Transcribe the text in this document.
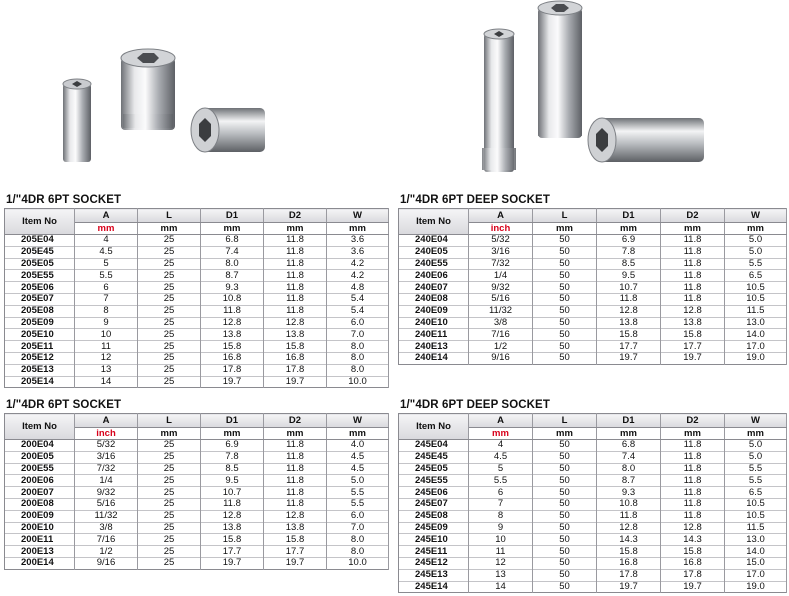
1/"4DR 6PT SOCKET
Item No	A	L	D1	D2	W
	mm	mm	mm	mm	mm
205E04	4	25	6.8	11.8	3.6
205E45	4.5	25	7.4	11.8	3.6
205E05	5	25	8.0	11.8	4.2
205E55	5.5	25	8.7	11.8	4.2
205E06	6	25	9.3	11.8	4.8
205E07	7	25	10.8	11.8	5.4
205E08	8	25	11.8	11.8	5.4
205E09	9	25	12.8	12.8	6.0
205E10	10	25	13.8	13.8	7.0
205E11	11	25	15.8	15.8	8.0
205E12	12	25	16.8	16.8	8.0
205E13	13	25	17.8	17.8	8.0
205E14	14	25	19.7	19.7	10.0
1/"4DR 6PT DEEP SOCKET
Item No	A	L	D1	D2	W
	inch	mm	mm	mm	mm
240E04	5/32	50	6.9	11.8	5.0
240E05	3/16	50	7.8	11.8	5.0
240E55	7/32	50	8.5	11.8	5.5
240E06	1/4	50	9.5	11.8	6.5
240E07	9/32	50	10.7	11.8	10.5
240E08	5/16	50	11.8	11.8	10.5
240E09	11/32	50	12.8	12.8	11.5
240E10	3/8	50	13.8	13.8	13.0
240E11	7/16	50	15.8	15.8	14.0
240E13	1/2	50	17.7	17.7	17.0
240E14	9/16	50	19.7	19.7	19.0
1/"4DR 6PT SOCKET
Item No	A	L	D1	D2	W
	inch	mm	mm	mm	mm
200E04	5/32	25	6.9	11.8	4.0
200E05	3/16	25	7.8	11.8	4.5
200E55	7/32	25	8.5	11.8	4.5
200E06	1/4	25	9.5	11.8	5.0
200E07	9/32	25	10.7	11.8	5.5
200E08	5/16	25	11.8	11.8	5.5
200E09	11/32	25	12.8	12.8	6.0
200E10	3/8	25	13.8	13.8	7.0
200E11	7/16	25	15.8	15.8	8.0
200E13	1/2	25	17.7	17.7	8.0
200E14	9/16	25	19.7	19.7	10.0
1/"4DR 6PT DEEP SOCKET
Item No	A	L	D1	D2	W
	mm	mm	mm	mm	mm
245E04	4	50	6.8	11.8	5.0
245E45	4.5	50	7.4	11.8	5.0
245E05	5	50	8.0	11.8	5.5
245E55	5.5	50	8.7	11.8	5.5
245E06	6	50	9.3	11.8	6.5
245E07	7	50	10.8	11.8	10.5
245E08	8	50	11.8	11.8	10.5
245E09	9	50	12.8	12.8	11.5
245E10	10	50	14.3	14.3	13.0
245E11	11	50	15.8	15.8	14.0
245E12	12	50	16.8	16.8	15.0
245E13	13	50	17.8	17.8	17.0
245E14	14	50	19.7	19.7	19.0
